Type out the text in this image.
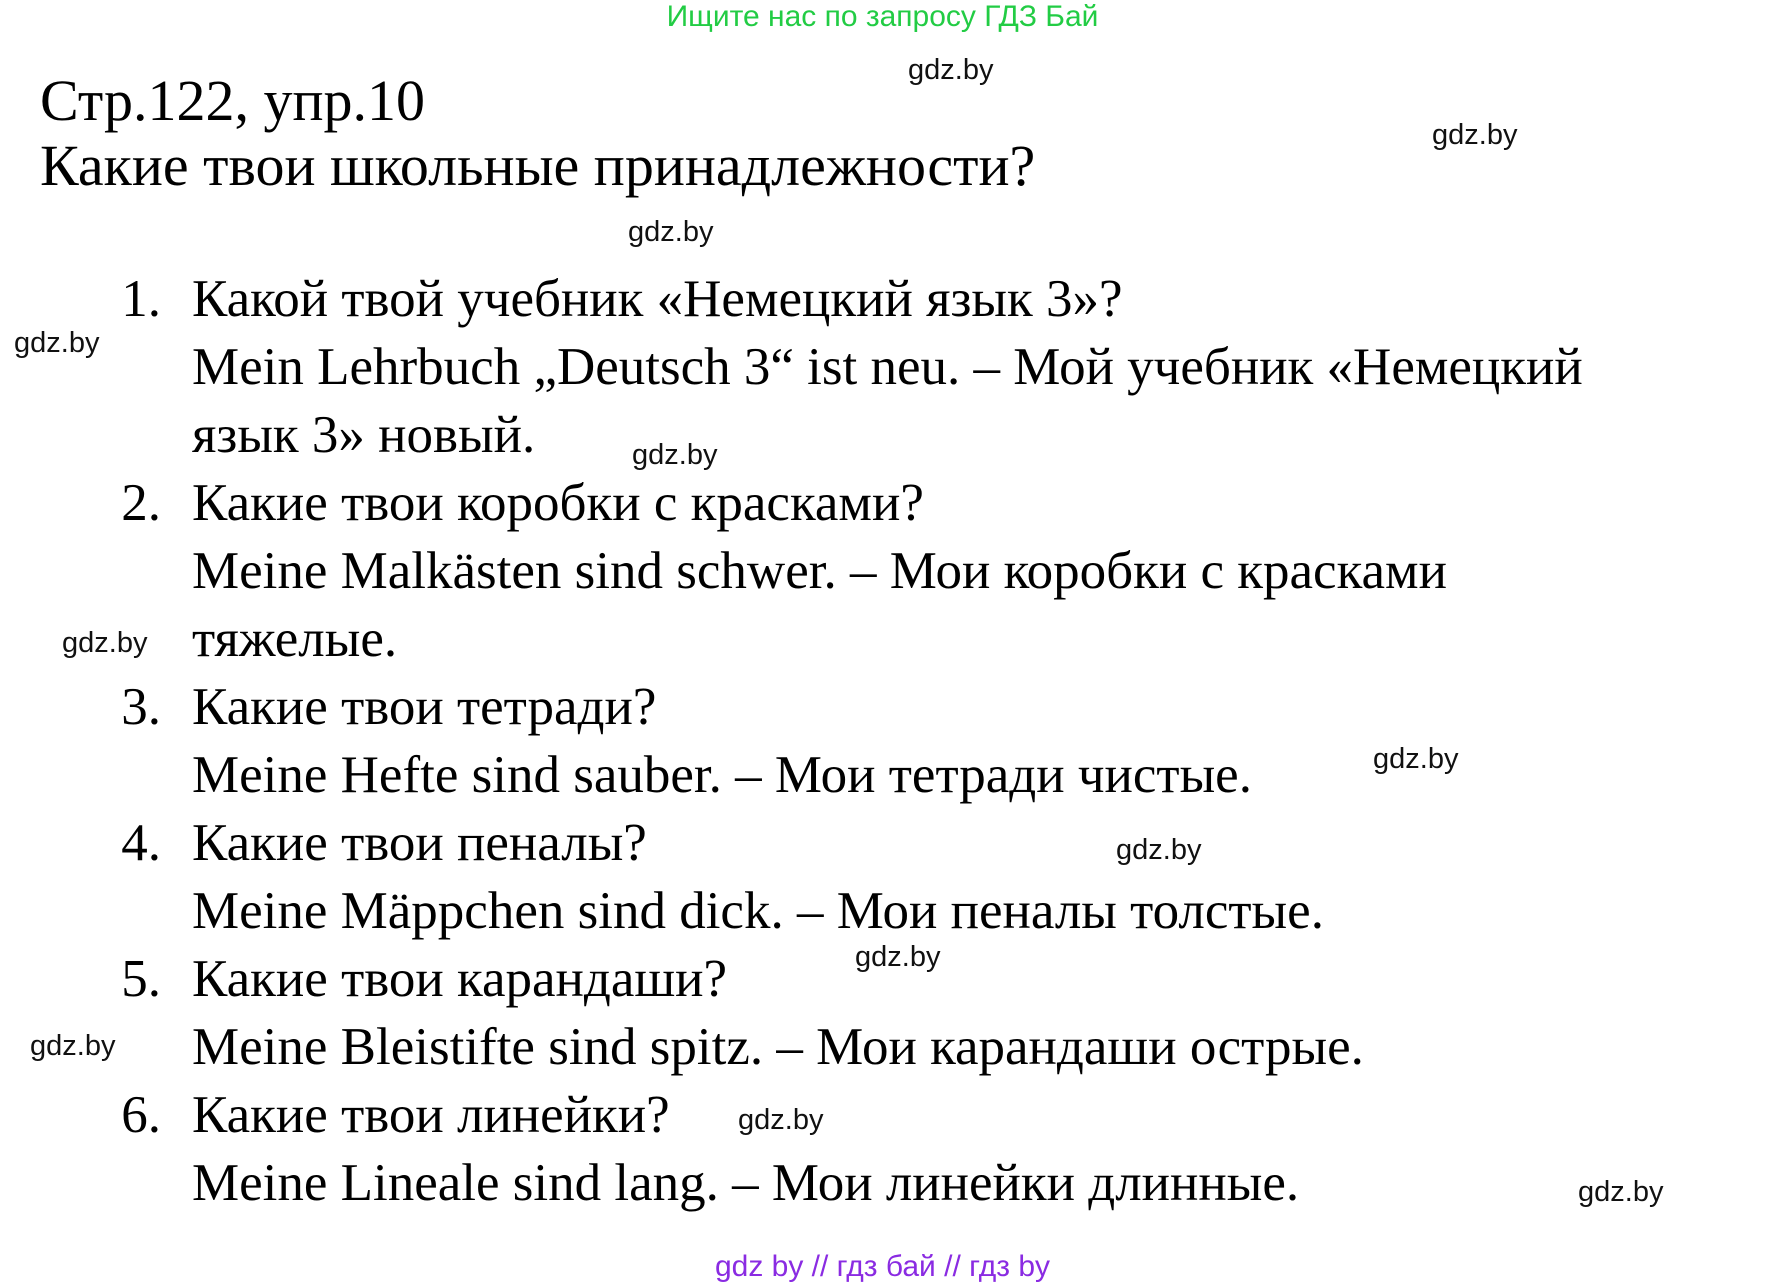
Ищите нас по запросу ГДЗ Бай
Стр.122, упр.10
Какие твои школьные принадлежности?
1. Какой твой учебник «Немецкий язык 3»?
Mein Lehrbuch „Deutsch 3“ ist neu. – Мой учебник «Немецкий
язык 3» новый.
2. Какие твои коробки с красками?
Meine Malkästen sind schwer. – Мои коробки с красками
тяжелые.
3. Какие твои тетради?
Meine Hefte sind sauber. – Мои тетради чистые.
4. Какие твои пеналы?
Meine Mäppchen sind dick. – Мои пеналы толстые.
5. Какие твои карандаши?
Meine Bleistifte sind spitz. – Мои карандаши острые.
6. Какие твои линейки?
Meine Lineale sind lang. – Мои линейки длинные.
gdz.by
gdz.by
gdz.by
gdz.by
gdz.by
gdz.by
gdz.by
gdz.by
gdz.by
gdz.by
gdz.by
gdz.by
gdz by // гдз бай // гдз by
